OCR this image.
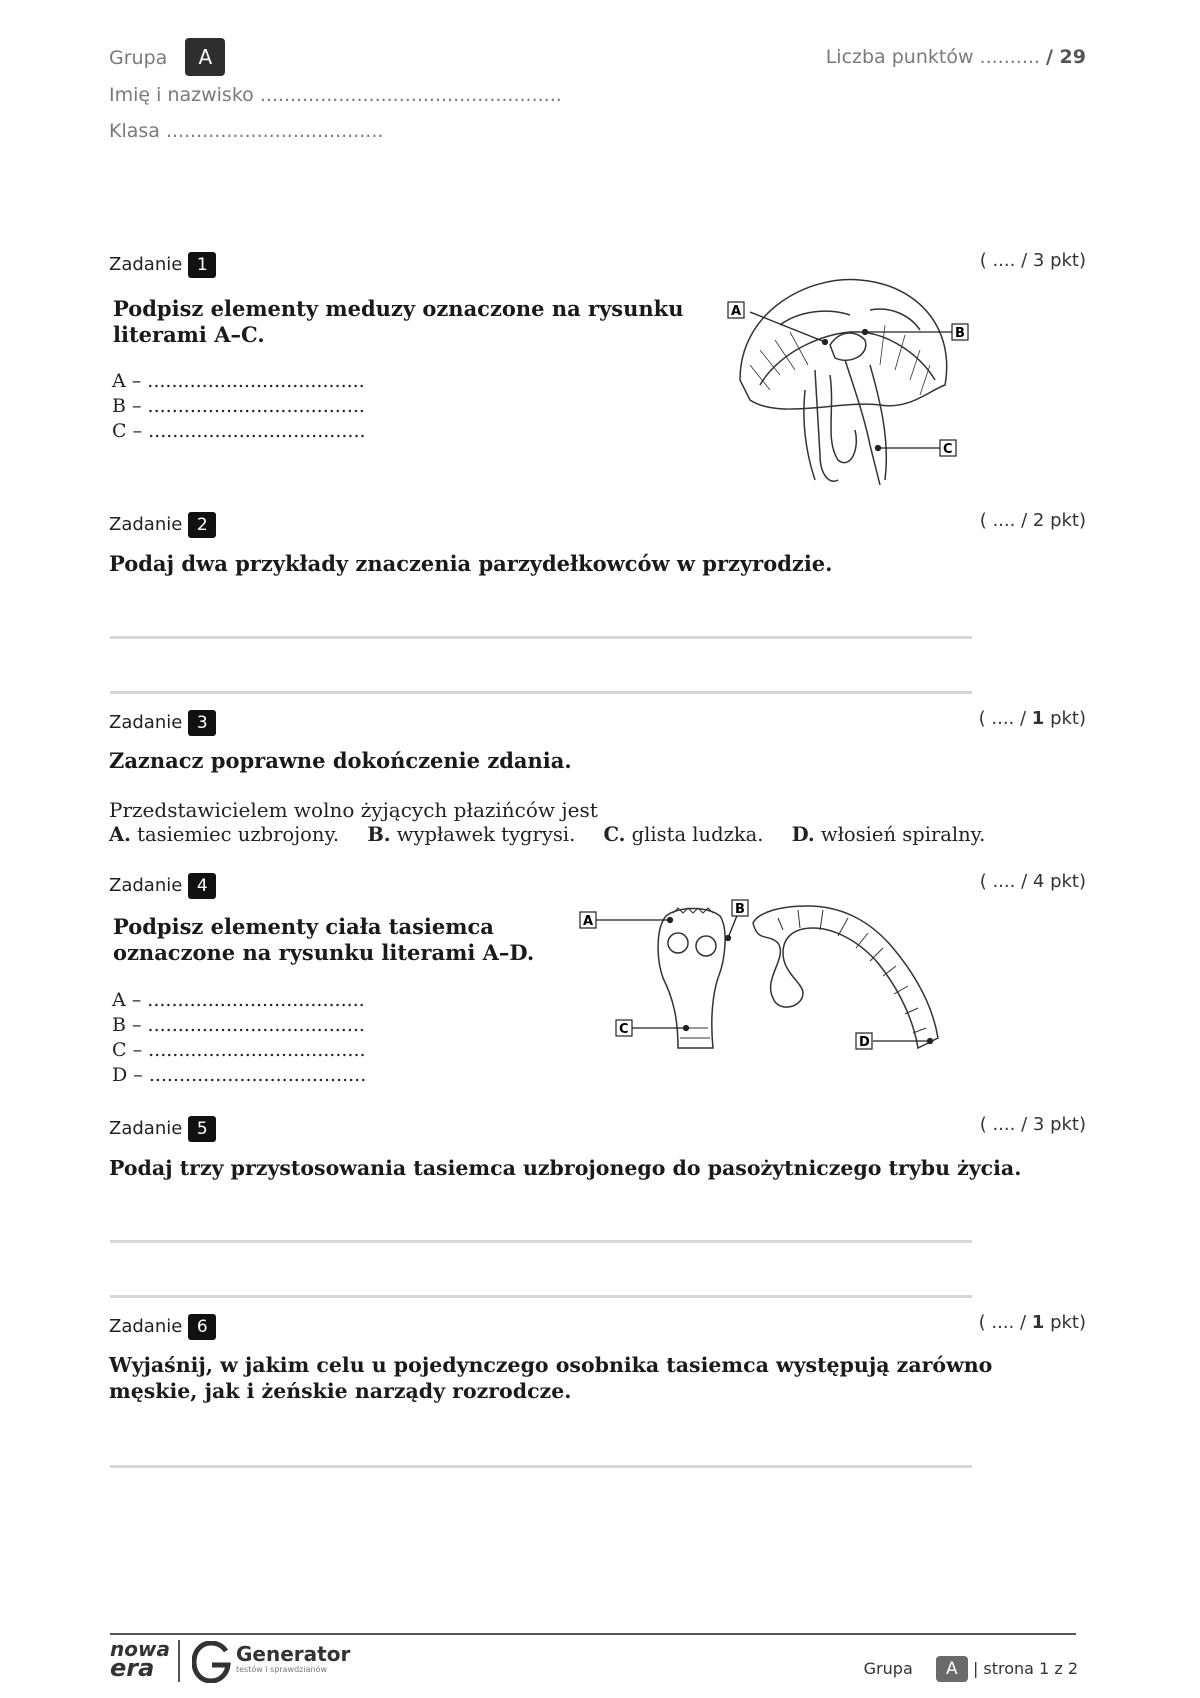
Grupa A
Imię i nazwisko ..................................................
Klasa ....................................
Liczba punktów .......... / 29
Zadanie 1	( .... / 3 pkt)
Podpisz elementy meduzy oznaczone na rysunku
literami A–C.
A – ....................................
B – ....................................
C – ....................................
A
B
C
Zadanie 2	( .... / 2 pkt)
Podaj dwa przykłady znaczenia parzydełkowców w przyrodzie.
Zadanie 3	( .... / 1 pkt)
Zaznacz poprawne dokończenie zdania.
Przedstawicielem wolno żyjących płazińców jest
A. tasiemiec uzbrojony. B. wypławek tygrysi. C. glista ludzka. D. włosień spiralny.
Zadanie 4	( .... / 4 pkt)
Podpisz elementy ciała tasiemca
oznaczone na rysunku literami A–D.
A – ....................................
B – ....................................
C – ....................................
D – ....................................
A
B
C
D
Zadanie 5	( .... / 3 pkt)
Podaj trzy przystosowania tasiemca uzbrojonego do pasożytniczego trybu życia.
Zadanie 6	( .... / 1 pkt)
Wyjaśnij, w jakim celu u pojedynczego osobnika tasiemca występują zarówno
męskie, jak i żeńskie narządy rozrodcze.
nowa
era	Generator
testów i sprawdzianów	Grupa A | strona 1 z 2
